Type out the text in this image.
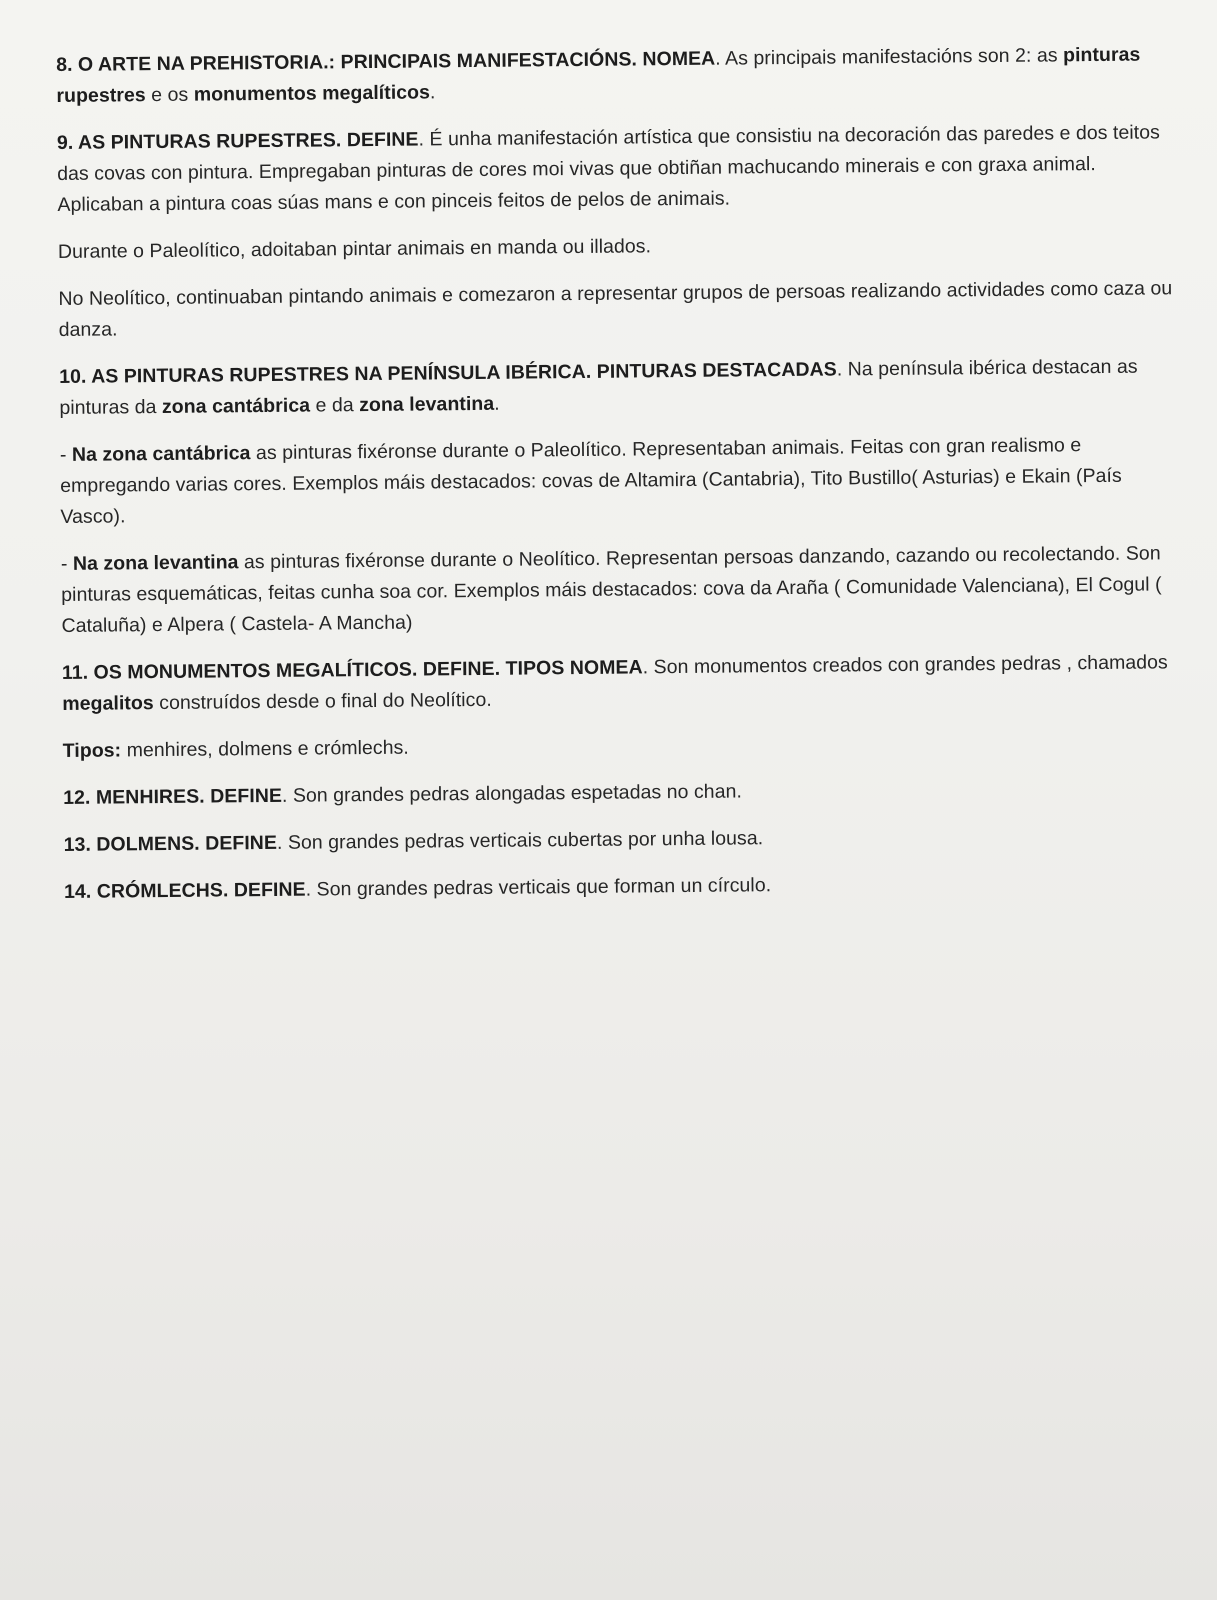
8. O ARTE NA PREHISTORIA.: PRINCIPAIS MANIFESTACIÓNS. NOMEA. As principais manifestacións son 2: as pinturas rupestres e os monumentos megalíticos.

9. AS PINTURAS RUPESTRES. DEFINE. É unha manifestación artística que consistiu na decoración das paredes e dos teitos das covas con pintura. Empregaban pinturas de cores moi vivas que obtiñan machucando minerais e con graxa animal. Aplicaban a pintura coas súas mans e con pinceis feitos de pelos de animais.

Durante o Paleolítico, adoitaban pintar animais en manda ou illados.

No Neolítico, continuaban pintando animais e comezaron a representar grupos de persoas realizando actividades como caza ou danza.

10. AS PINTURAS RUPESTRES NA PENÍNSULA IBÉRICA. PINTURAS DESTACADAS. Na península ibérica destacan as pinturas da zona cantábrica e da zona levantina.

- Na zona cantábrica as pinturas fixéronse durante o Paleolítico. Representaban animais. Feitas con gran realismo e empregando varias cores. Exemplos máis destacados: covas de Altamira (Cantabria), Tito Bustillo( Asturias) e Ekain (País Vasco).

- Na zona levantina as pinturas fixéronse durante o Neolítico. Representan persoas danzando, cazando ou recolectando. Son pinturas esquemáticas, feitas cunha soa cor. Exemplos máis destacados: cova da Araña ( Comunidade Valenciana), El Cogul ( Cataluña) e Alpera ( Castela- A Mancha)

11. OS MONUMENTOS MEGALÍTICOS. DEFINE. TIPOS NOMEA. Son monumentos creados con grandes pedras , chamados megalitos construídos desde o final do Neolítico.

Tipos: menhires, dolmens e crómlechs.

12. MENHIRES. DEFINE. Son grandes pedras alongadas espetadas no chan.

13. DOLMENS. DEFINE. Son grandes pedras verticais cubertas por unha lousa.

14. CRÓMLECHS. DEFINE. Son grandes pedras verticais que forman un círculo.
